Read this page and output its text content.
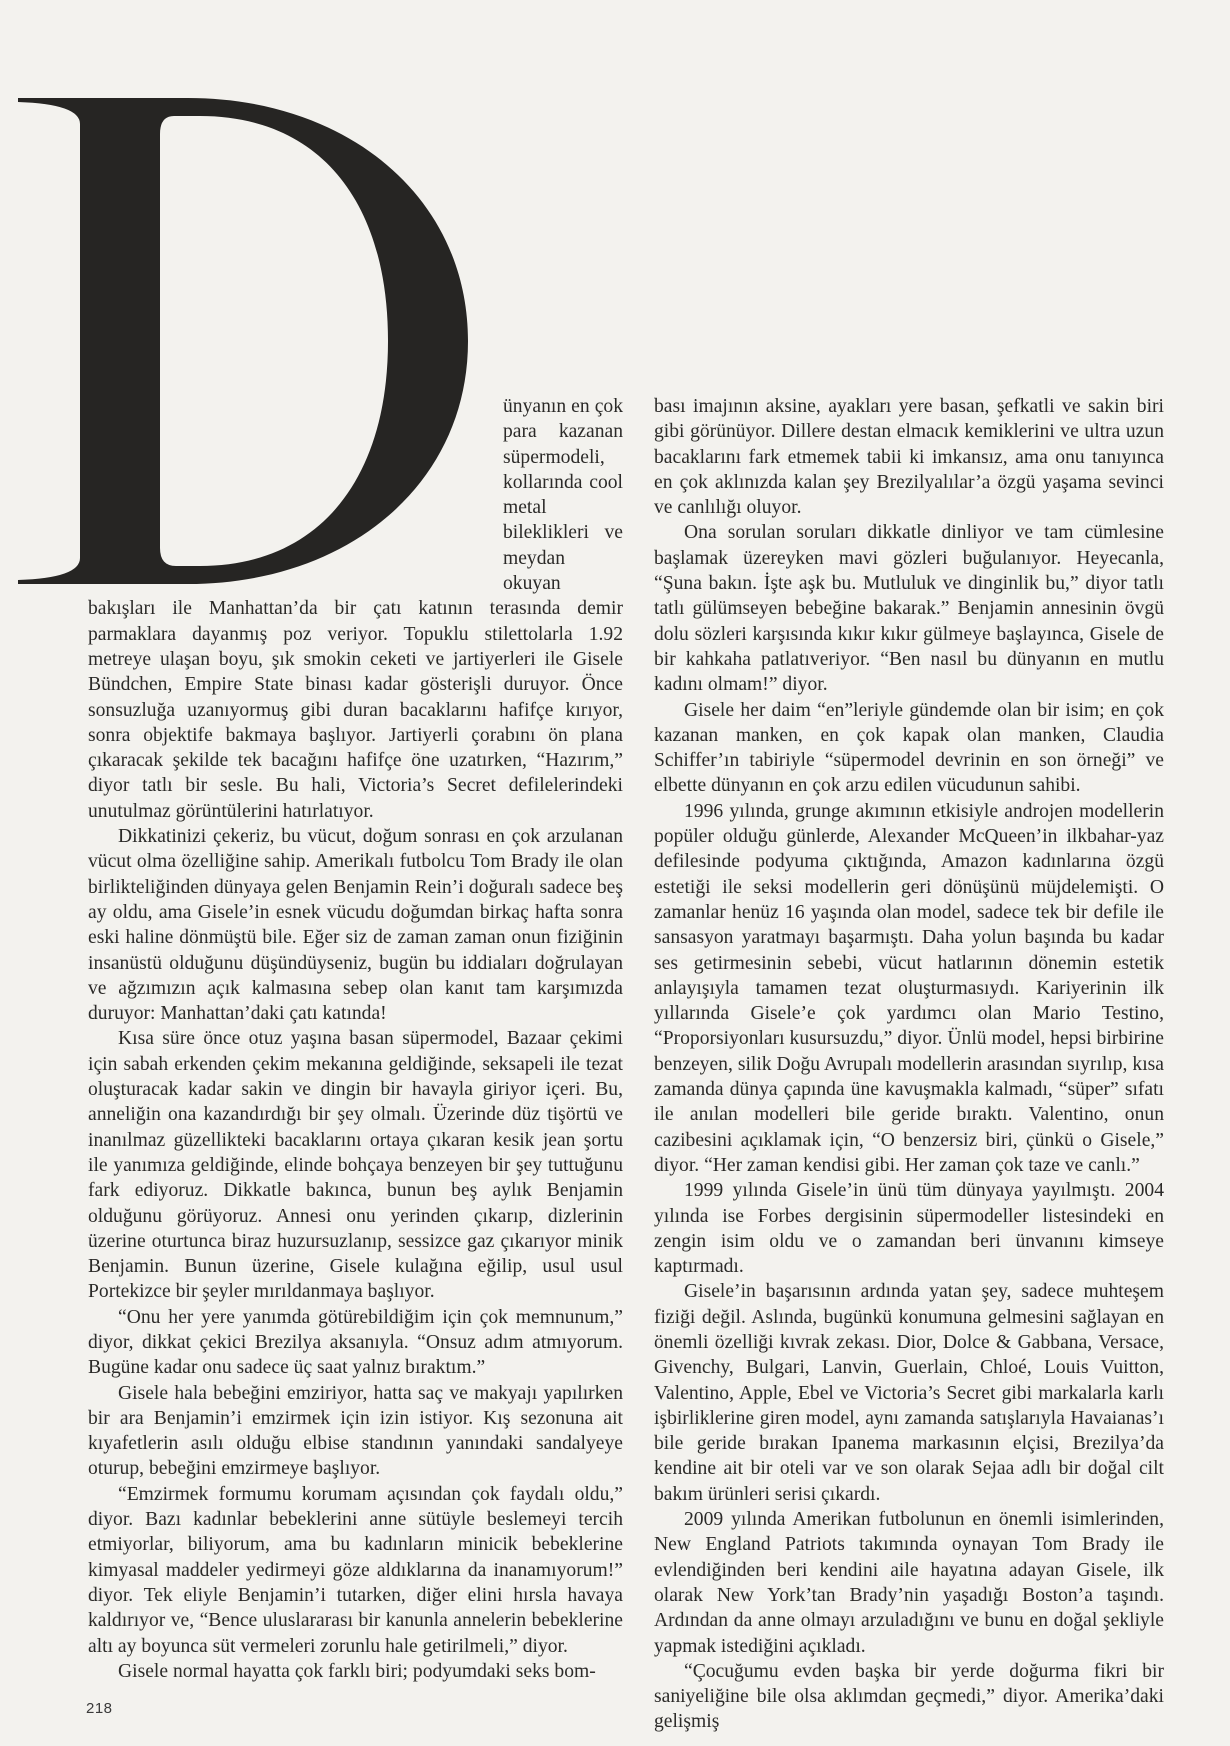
ünyanın en çok para kazanan süpermodeli, kollarında cool metal bileklikleri ve meydan okuyan bakışları ile Manhattan’da bir çatı katının terasında demir parmaklara dayanmış poz veriyor. Topuklu stilettolarla 1.92 metreye ulaşan boyu, şık smokin ceketi ve jartiyerleri ile Gisele Bündchen, Empire State binası kadar gösterişli duruyor. Önce sonsuzluğa uzanıyormuş gibi duran bacaklarını hafifçe kırıyor, sonra objektife bakmaya başlıyor. Jartiyerli çorabını ön plana çıkaracak şekilde tek bacağını hafifçe öne uzatırken, “Hazırım,” diyor tatlı bir sesle. Bu hali, Victoria’s Secret defilelerindeki unutulmaz görüntülerini hatırlatıyor.

Dikkatinizi çekeriz, bu vücut, doğum sonrası en çok arzulanan vücut olma özelliğine sahip. Amerikalı futbolcu Tom Brady ile olan birlikteliğinden dünyaya gelen Benjamin Rein’i doğuralı sadece beş ay oldu, ama Gisele’in esnek vücudu doğumdan birkaç hafta sonra eski haline dönmüştü bile. Eğer siz de zaman zaman onun fiziğinin insanüstü olduğunu düşündüyseniz, bugün bu iddiaları doğrulayan ve ağzımızın açık kalmasına sebep olan kanıt tam karşımızda duruyor: Manhattan’daki çatı katında!

Kısa süre önce otuz yaşına basan süpermodel, Bazaar çekimi için sabah erkenden çekim mekanına geldiğinde, seksapeli ile tezat oluşturacak kadar sakin ve dingin bir havayla giriyor içeri. Bu, anneliğin ona kazandırdığı bir şey olmalı. Üzerinde düz tişörtü ve inanılmaz güzellikteki bacaklarını ortaya çıkaran kesik jean şortu ile yanımıza geldiğinde, elinde bohçaya benzeyen bir şey tuttuğunu fark ediyoruz. Dikkatle bakınca, bunun beş aylık Benjamin olduğunu görüyoruz. Annesi onu yerinden çıkarıp, dizlerinin üzerine oturtunca biraz huzursuzlanıp, sessizce gaz çıkarıyor minik Benjamin. Bunun üzerine, Gisele kulağına eğilip, usul usul Portekizce bir şeyler mırıldanmaya başlıyor.

“Onu her yere yanımda götürebildiğim için çok memnunum,” diyor, dikkat çekici Brezilya aksanıyla. “Onsuz adım atmıyorum. Bugüne kadar onu sadece üç saat yalnız bıraktım.”

Gisele hala bebeğini emziriyor, hatta saç ve makyajı yapılırken bir ara Benjamin’i emzirmek için izin istiyor. Kış sezonuna ait kıyafetlerin asılı olduğu elbise standının yanındaki sandalyeye oturup, bebeğini emzirmeye başlıyor.

“Emzirmek formumu korumam açısından çok faydalı oldu,” diyor. Bazı kadınlar bebeklerini anne sütüyle beslemeyi tercih etmiyorlar, biliyorum, ama bu kadınların minicik bebeklerine kimyasal maddeler yedirmeyi göze aldıklarına da inanamıyorum!” diyor. Tek eliyle Benjamin’i tutarken, diğer elini hırsla havaya kaldırıyor ve, “Bence uluslararası bir kanunla annelerin bebeklerine altı ay boyunca süt vermeleri zorunlu hale getirilmeli,” diyor.

Gisele normal hayatta çok farklı biri; podyumdaki seks bom-

bası imajının aksine, ayakları yere basan, şefkatli ve sakin biri gibi görünüyor. Dillere destan elmacık kemiklerini ve ultra uzun bacaklarını fark etmemek tabii ki imkansız, ama onu tanıyınca en çok aklınızda kalan şey Brezilyalılar’a özgü yaşama sevinci ve canlılığı oluyor.

Ona sorulan soruları dikkatle dinliyor ve tam cümlesine başlamak üzereyken mavi gözleri buğulanıyor. Heyecanla, “Şuna bakın. İşte aşk bu. Mutluluk ve dinginlik bu,” diyor tatlı tatlı gülümseyen bebeğine bakarak.” Benjamin annesinin övgü dolu sözleri karşısında kıkır kıkır gülmeye başlayınca, Gisele de bir kahkaha patlatıveriyor. “Ben nasıl bu dünyanın en mutlu kadını olmam!” diyor.

Gisele her daim “en”leriyle gündemde olan bir isim; en çok kazanan manken, en çok kapak olan manken, Claudia Schiffer’ın tabiriyle “süpermodel devrinin en son örneği” ve elbette dünyanın en çok arzu edilen vücudunun sahibi.

1996 yılında, grunge akımının etkisiyle androjen modellerin popüler olduğu günlerde, Alexander McQueen’in ilkbahar-yaz defilesinde podyuma çıktığında, Amazon kadınlarına özgü estetiği ile seksi modellerin geri dönüşünü müjdelemişti. O zamanlar henüz 16 yaşında olan model, sadece tek bir defile ile sansasyon yaratmayı başarmıştı. Daha yolun başında bu kadar ses getirmesinin sebebi, vücut hatlarının dönemin estetik anlayışıyla tamamen tezat oluşturmasıydı. Kariyerinin ilk yıllarında Gisele’e çok yardımcı olan Mario Testino, “Proporsiyonları kusursuzdu,” diyor. Ünlü model, hepsi birbirine benzeyen, silik Doğu Avrupalı modellerin arasından sıyrılıp, kısa zamanda dünya çapında üne kavuşmakla kalmadı, “süper” sıfatı ile anılan modelleri bile geride bıraktı. Valentino, onun cazibesini açıklamak için, “O benzersiz biri, çünkü o Gisele,” diyor. “Her zaman kendisi gibi. Her zaman çok taze ve canlı.”

1999 yılında Gisele’in ünü tüm dünyaya yayılmıştı. 2004 yılında ise Forbes dergisinin süpermodeller listesindeki en zengin isim oldu ve o zamandan beri ünvanını kimseye kaptırmadı.

Gisele’in başarısının ardında yatan şey, sadece muhteşem fiziği değil. Aslında, bugünkü konumuna gelmesini sağlayan en önemli özelliği kıvrak zekası. Dior, Dolce & Gabbana, Versace, Givenchy, Bulgari, Lanvin, Guerlain, Chloé, Louis Vuitton, Valentino, Apple, Ebel ve Victoria’s Secret gibi markalarla karlı işbirliklerine giren model, aynı zamanda satışlarıyla Havaianas’ı bile geride bırakan Ipanema markasının elçisi, Brezilya’da kendine ait bir oteli var ve son olarak Sejaa adlı bir doğal cilt bakım ürünleri serisi çıkardı.

2009 yılında Amerikan futbolunun en önemli isimlerinden, New England Patriots takımında oynayan Tom Brady ile evlendiğinden beri kendini aile hayatına adayan Gisele, ilk olarak New York’tan Brady’nin yaşadığı Boston’a taşındı. Ardından da anne olmayı arzuladığını ve bunu en doğal şekliyle yapmak istediğini açıkladı.

“Çocuğumu evden başka bir yerde doğurma fikri bir saniyeliğine bile olsa aklımdan geçmedi,” diyor. Amerika’daki gelişmiş

218
